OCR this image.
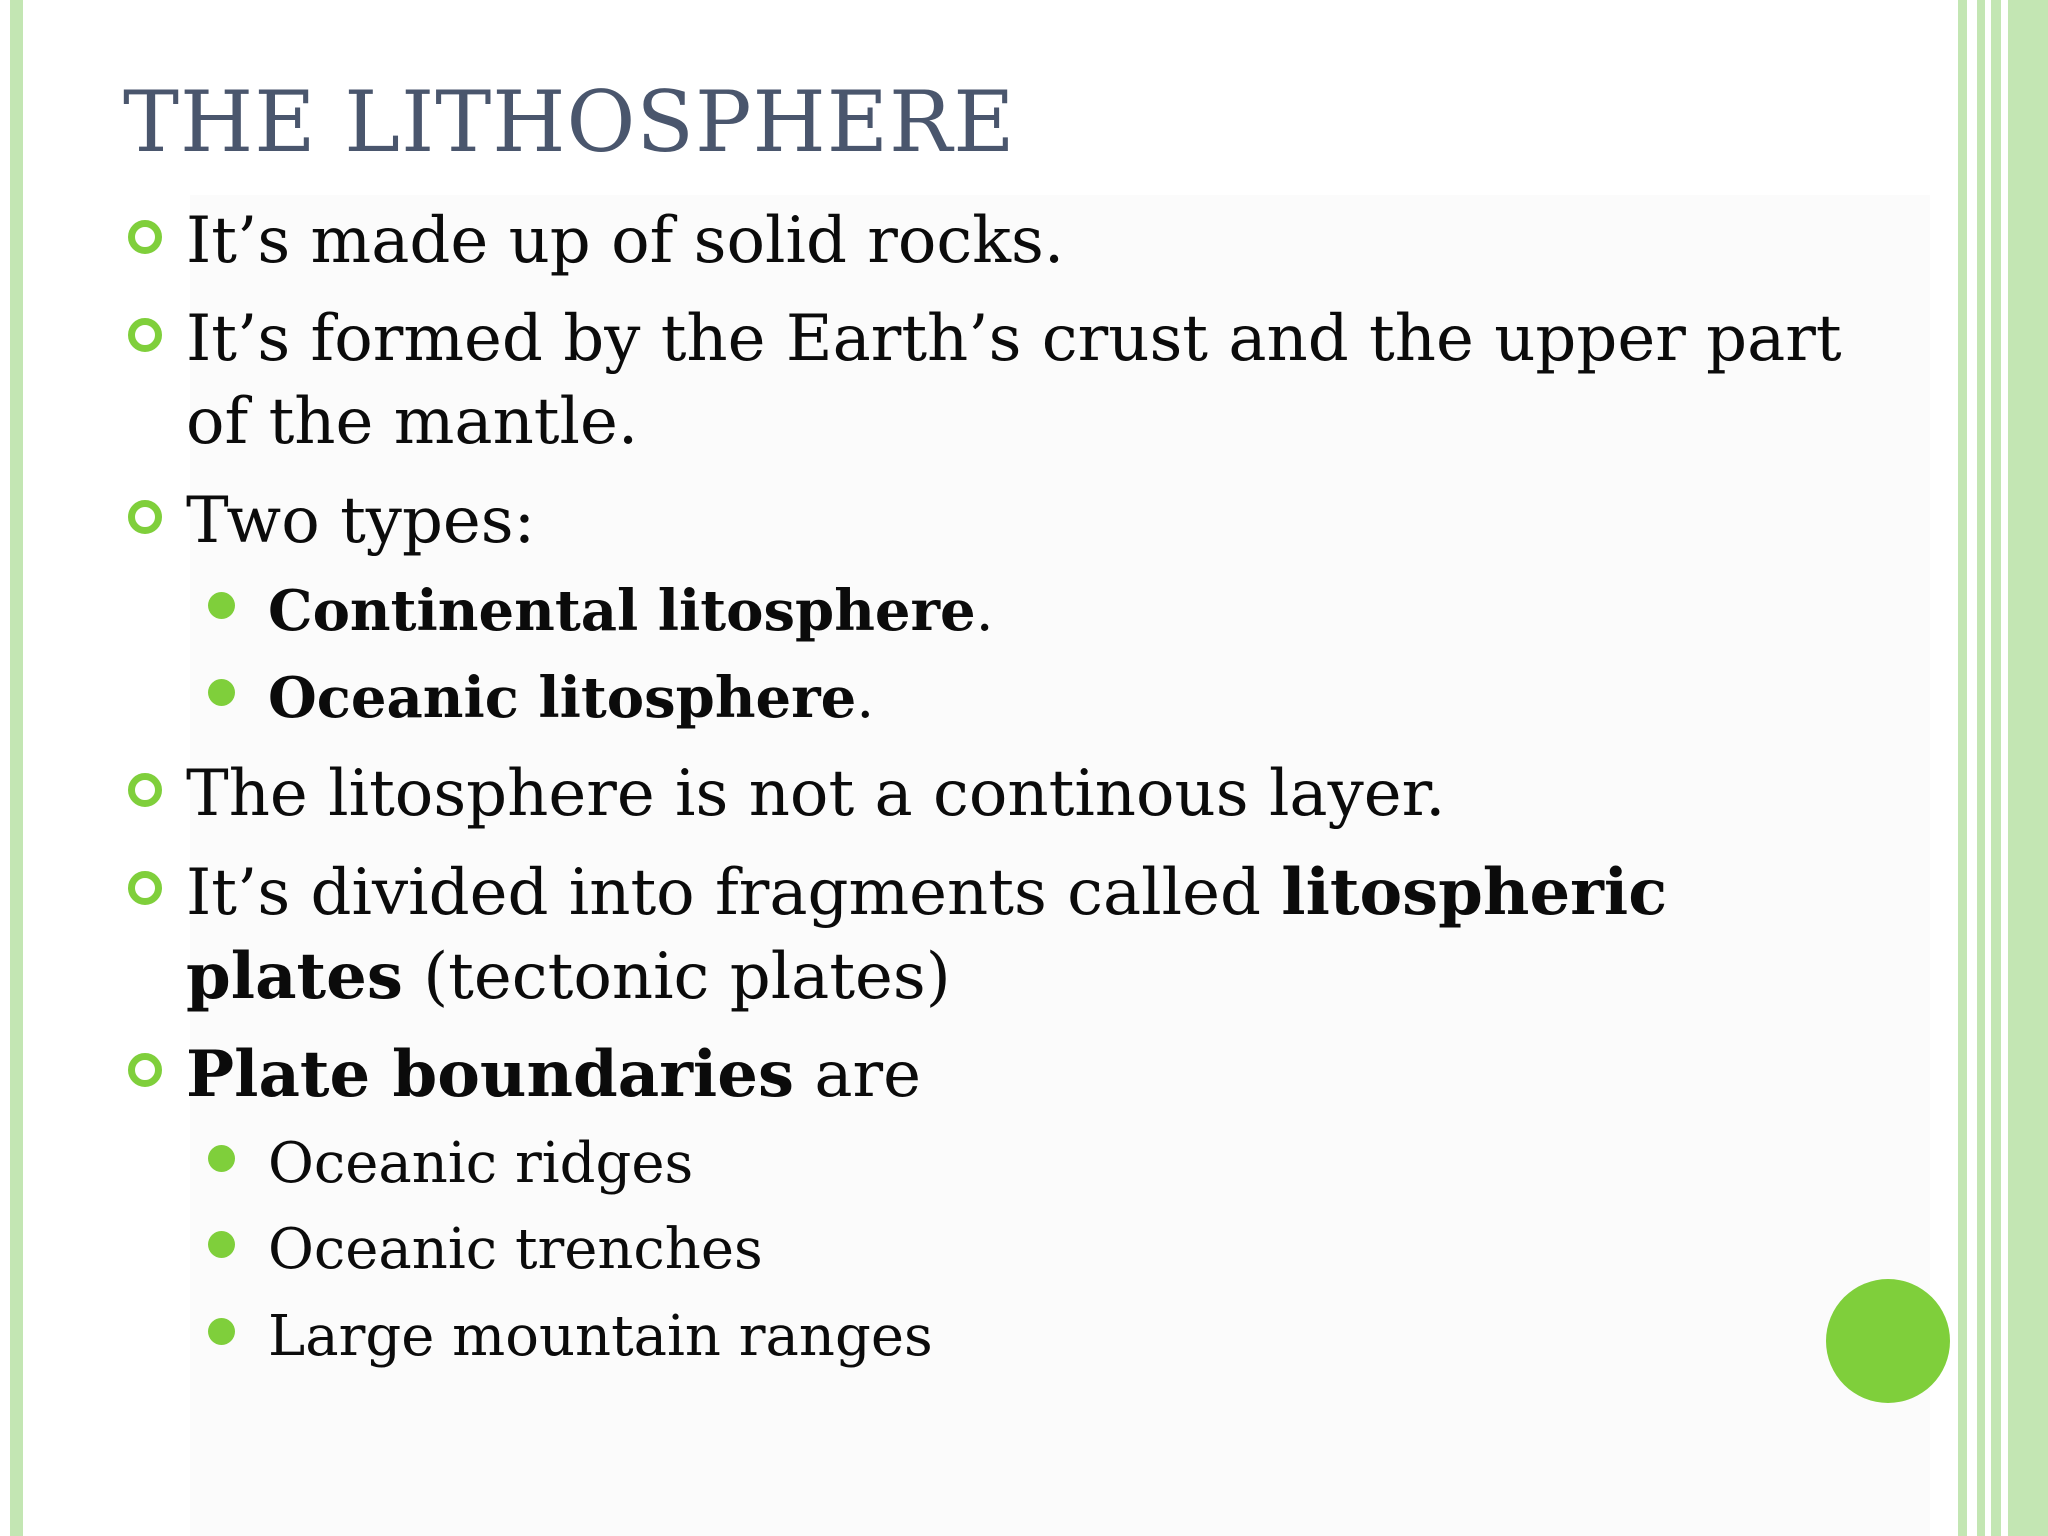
THE LITHOSPHERE
It’s made up of solid rocks.
It’s formed by the Earth’s crust and the upper part
of the mantle.
Two types:
Continental litosphere.
Oceanic litosphere.
The litosphere is not a continous layer.
It’s divided into fragments called litospheric
plates (tectonic plates)
Plate boundaries are
Oceanic ridges
Oceanic trenches
Large mountain ranges
